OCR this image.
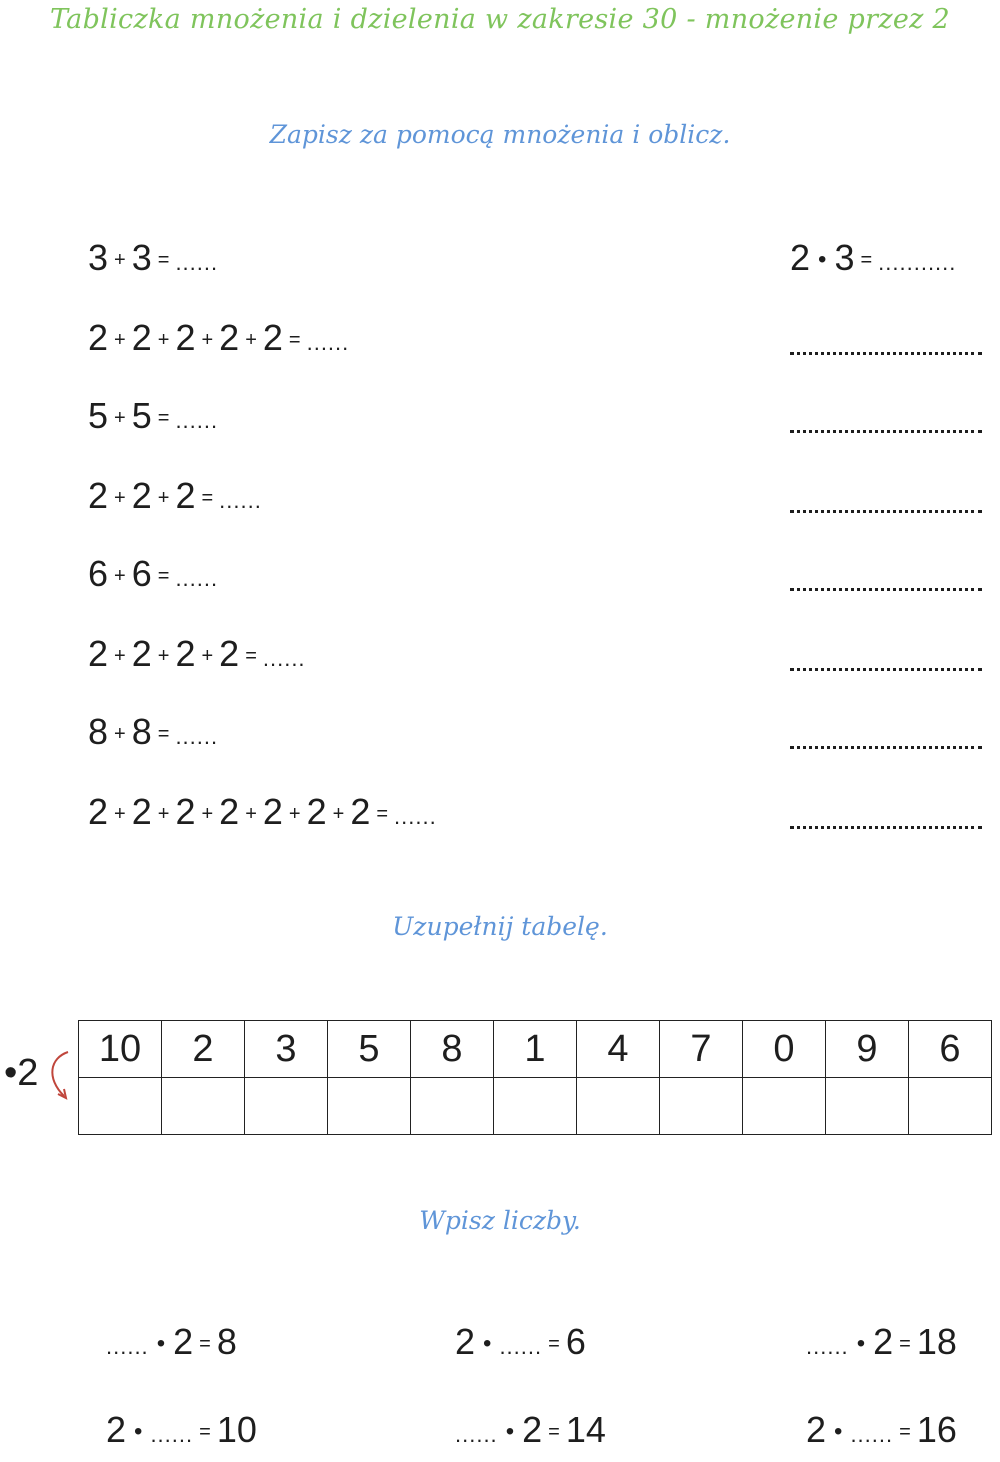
Tabliczka mnożenia i dzielenia w zakresie 30 - mnożenie przez 2
Zapisz za pomocą mnożenia i oblicz.
3 + 3 = ......
2 + 2 + 2 + 2 + 2 = ......
5 + 5 = ......
2 + 2 + 2 = ......
6 + 6 = ......
2 + 2 + 2 + 2 = ......
8 + 8 = ......
2 + 2 + 2 + 2 + 2 + 2 + 2 = ......
2 • 3 = ...........
Uzupełnij tabelę.
•2
10	2	3	5	8	1	4	7	0	9	6

Wpisz liczby.
...... • 2 = 8	2 • ...... = 6	...... • 2 = 18
2 • ...... = 10	...... • 2 = 14	2 • ...... = 16
